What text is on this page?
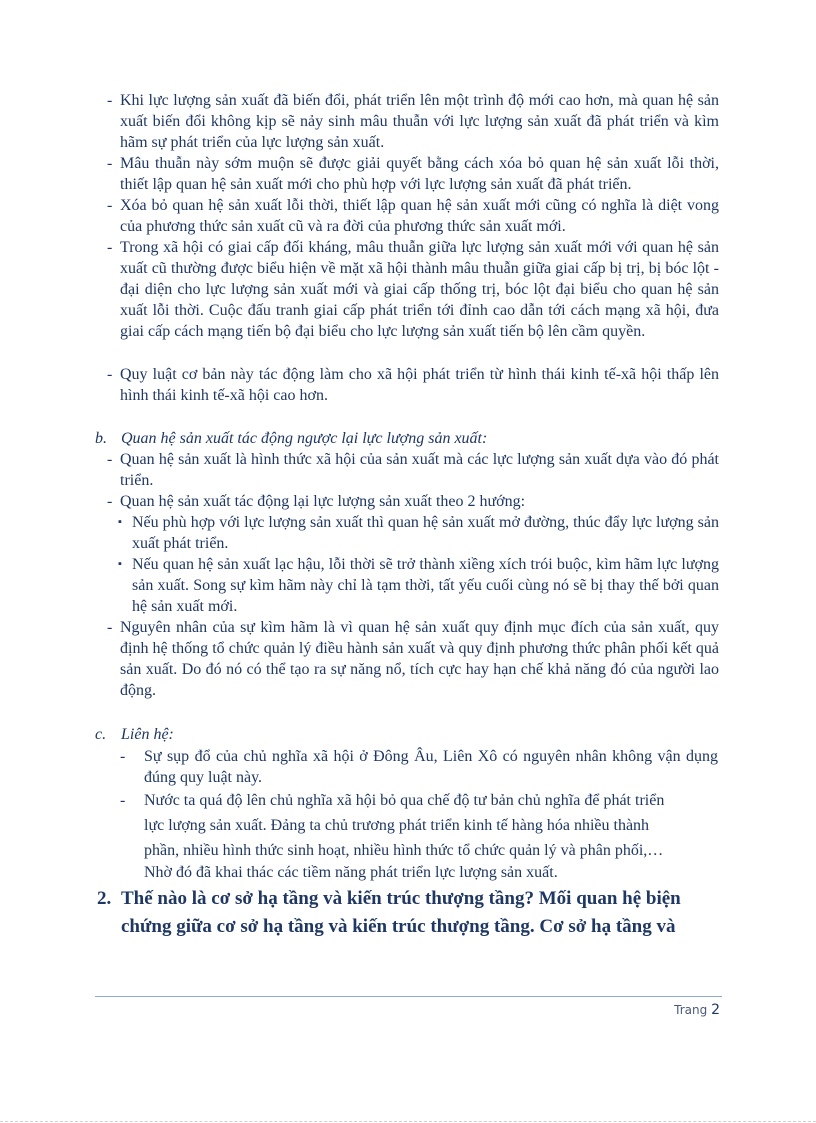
- Khi lực lượng sản xuất đã biến đổi, phát triển lên một trình độ mới cao hơn, mà quan hệ sản xuất biến đổi không kịp sẽ nảy sinh mâu thuẫn với lực lượng sản xuất đã phát triển và kìm hãm sự phát triển của lực lượng sản xuất.
- Mâu thuẫn này sớm muộn sẽ được giải quyết bằng cách xóa bỏ quan hệ sản xuất lỗi thời, thiết lập quan hệ sản xuất mới cho phù hợp với lực lượng sản xuất đã phát triển.
- Xóa bỏ quan hệ sản xuất lỗi thời, thiết lập quan hệ sản xuất mới cũng có nghĩa là diệt vong của phương thức sản xuất cũ và ra đời của phương thức sản xuất mới.
- Trong xã hội có giai cấp đối kháng, mâu thuẫn giữa lực lượng sản xuất mới với quan hệ sản xuất cũ thường được biểu hiện về mặt xã hội thành mâu thuẫn giữa giai cấp bị trị, bị bóc lột - đại diện cho lực lượng sản xuất mới và giai cấp thống trị, bóc lột đại biểu cho quan hệ sản xuất lỗi thời. Cuộc đấu tranh giai cấp phát triển tới đỉnh cao dẫn tới cách mạng xã hội, đưa giai cấp cách mạng tiến bộ đại biểu cho lực lượng sản xuất tiến bộ lên cầm quyền.
- Quy luật cơ bản này tác động làm cho xã hội phát triển từ hình thái kinh tế-xã hội thấp lên hình thái kinh tế-xã hội cao hơn.
b. Quan hệ sản xuất tác động ngược lại lực lượng sản xuất:
- Quan hệ sản xuất là hình thức xã hội của sản xuất mà các lực lượng sản xuất dựa vào đó phát triển.
- Quan hệ sản xuất tác động lại lực lượng sản xuất theo 2 hướng:
▪ Nếu phù hợp với lực lượng sản xuất thì quan hệ sản xuất mở đường, thúc đẩy lực lượng sản xuất phát triển.
▪ Nếu quan hệ sản xuất lạc hậu, lỗi thời sẽ trở thành xiềng xích trói buộc, kìm hãm lực lượng sản xuất. Song sự kìm hãm này chỉ là tạm thời, tất yếu cuối cùng nó sẽ bị thay thế bởi quan hệ sản xuất mới.
- Nguyên nhân của sự kìm hãm là vì quan hệ sản xuất quy định mục đích của sản xuất, quy định hệ thống tổ chức quản lý điều hành sản xuất và quy định phương thức phân phối kết quả sản xuất. Do đó nó có thể tạo ra sự năng nổ, tích cực hay hạn chế khả năng đó của người lao động.
c. Liên hệ:
- Sự sụp đổ của chủ nghĩa xã hội ở Đông Âu, Liên Xô có nguyên nhân không vận dụng đúng quy luật này.
- Nước ta quá độ lên chủ nghĩa xã hội bỏ qua chế độ tư bản chủ nghĩa để phát triển
lực lượng sản xuất. Đảng ta chủ trương phát triển kinh tế hàng hóa nhiều thành
phần, nhiều hình thức sinh hoạt, nhiều hình thức tổ chức quản lý và phân phối,…
Nhờ đó đã khai thác các tiềm năng phát triển lực lượng sản xuất.
2. Thế nào là cơ sở hạ tầng và kiến trúc thượng tầng? Mối quan hệ biện
chứng giữa cơ sở hạ tầng và kiến trúc thượng tầng. Cơ sở hạ tầng và
Trang 2
